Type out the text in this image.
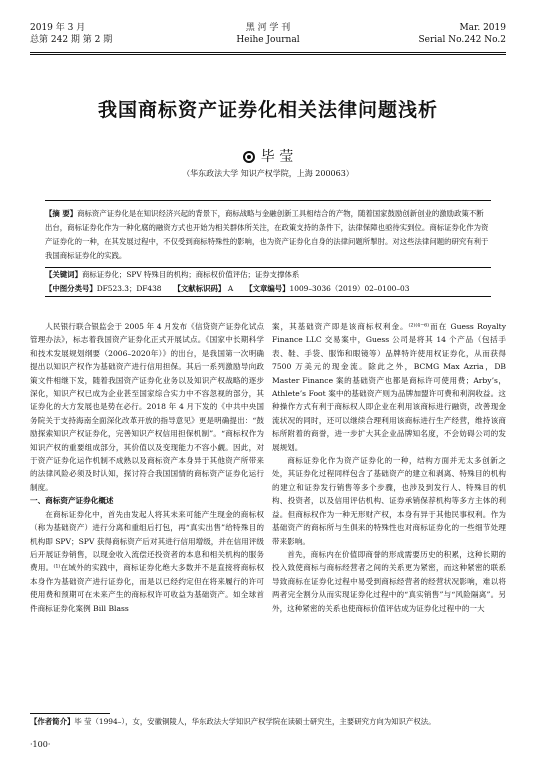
2019 年 3 月
总第 242 期 第 2 期
黑 河 学 刊
Heihe Journal
Mar. 2019
Serial No.242 No.2
我国商标资产证券化相关法律问题浅析
毕 莹
（华东政法大学 知识产权学院，上海 200063）
【摘 要】商标资产证券化是在知识经济兴起的背景下，商标战略与金融创新工具相结合的产物，随着国家鼓励创新创业的激励政策不断出台，商标证券化作为一种化腐的融资方式也开始为相关群体所关注，在政策支持的条件下，法律保障也亟待实到位。商标证券化作为资产证券化的一种，在其发展过程中，不仅受到商标特殊性的影响，也为资产证券化自身的法律问题所掣肘。对这些法律问题的研究有利于我国商标证券化的实践。
【关键词】商标证券化；SPV 特殊目的机构；商标权价值评估；证券支撑体系
【中图分类号】DF523.3；DF438 【文献标识码】 A 【文章编号】1009–3036（2019）02–0100–03

人民银行联合银监会于 2005 年 4 月发布《信贷资产证券化试点管理办法》，标志着我国资产证券化正式开展试点。《国家中长期科学和技术发展规划纲要（2006–2020年）》的出台，是我国第一次明确提出以知识产权作为基础资产进行信用担保。其后一系列激励导向政策文件相继下发，随着我国资产证券化业务以及知识产权战略的逐步深化，知识产权已成为企业甚至国家综合实力中不容忽视的部分，其证券化的大方发展也是势在必行。2018 年 4 月下发的《中共中央国务院关于支持海南全面深化改革开放的指导意见》更是明确提出：“鼓励探索知识产权证券化，完善知识产权信用担保机制”。“商标权作为知识产权的重要组成部分，其价值以及变现能力不容小觑。因此，对于资产证券化运作机制不成熟以及商标资产本身异于其他资产所带来的法律风险必须及时认知，探讨符合我国国情的商标资产证券化运行制度。

一、商标资产证券化概述

在商标证券化中，首先由发起人将其未来可能产生现金的商标权（称为基础资产）进行分离和重组后打包，再“真实出售”给特殊目的机构即 SPV；SPV 获得商标资产后对其进行信用增级，并在信用评级后开展证券销售，以现金收入流偿还投资者的本息和相关机构的服务费用。⁽¹⁾在域外的实践中，商标证券化绝大多数并不是直接将商标权本身作为基础资产进行证券化，而是以已经约定但在将来履行的许可使用费和预期可在未来产生的商标权许可收益为基础资产。如全球首件商标证券化案例 Bill Blass

案，其基础资产即是该商标权利金。⁽²⁾⁽⁴⁻⁶⁾而在 Guess Royalty Finance LLC 交易案中，Guess 公司是将其 14 个产品（包括手表、鞋、手袋、服饰和眼镜等）品牌特许使用权证券化，从而获得 7500 万美元的现金流。除此之外，BCMG Max Azria，DB Master Finance 案的基础资产也都是商标许可使用费；Arby’s，Athlete’s Foot 案中的基础资产则为品牌加盟许可费和利润收益。这种操作方式有利于商标权人即企业在利用该商标进行融资，改善现金流状况的同时，还可以继续合理利用该商标进行生产经营，维持该商标所附着的商誉，进一步扩大其企业品牌知名度，不会妨碍公司的发展规划。

商标证券化作为资产证券化的一种，结构方面并无太多创新之处，其证券化过程同样包含了基础资产的建立和剥离、特殊目的机构的建立和证券发行销售等多个步骤，也涉及到发行人、特殊目的机构、投资者，以及信用评估机构、证券承销保荐机构等多方主体的利益。但商标权作为一种无形财产权，本身有异于其他民事权利。作为基础资产的商标所与生俱来的特殊性也对商标证券化的一些细节处理带来影响。

首先，商标内在价值即商誉的形成需要历史的积累，这种长期的投入致使商标与商标经营者之间的关系更为紧密，而这种紧密的联系导致商标在证券化过程中易受到商标经营者的经营状况影响，难以将两者完全割分从而实现证券化过程中的“真实销售”与“风险隔离”。另外，这种紧密的关系也使商标价值评估成为证券化过程中的一大

【作者简介】毕 莹（1994–），女，安徽铜陵人，华东政法大学知识产权学院在读硕士研究生，主要研究方向为知识产权法。
·100·
